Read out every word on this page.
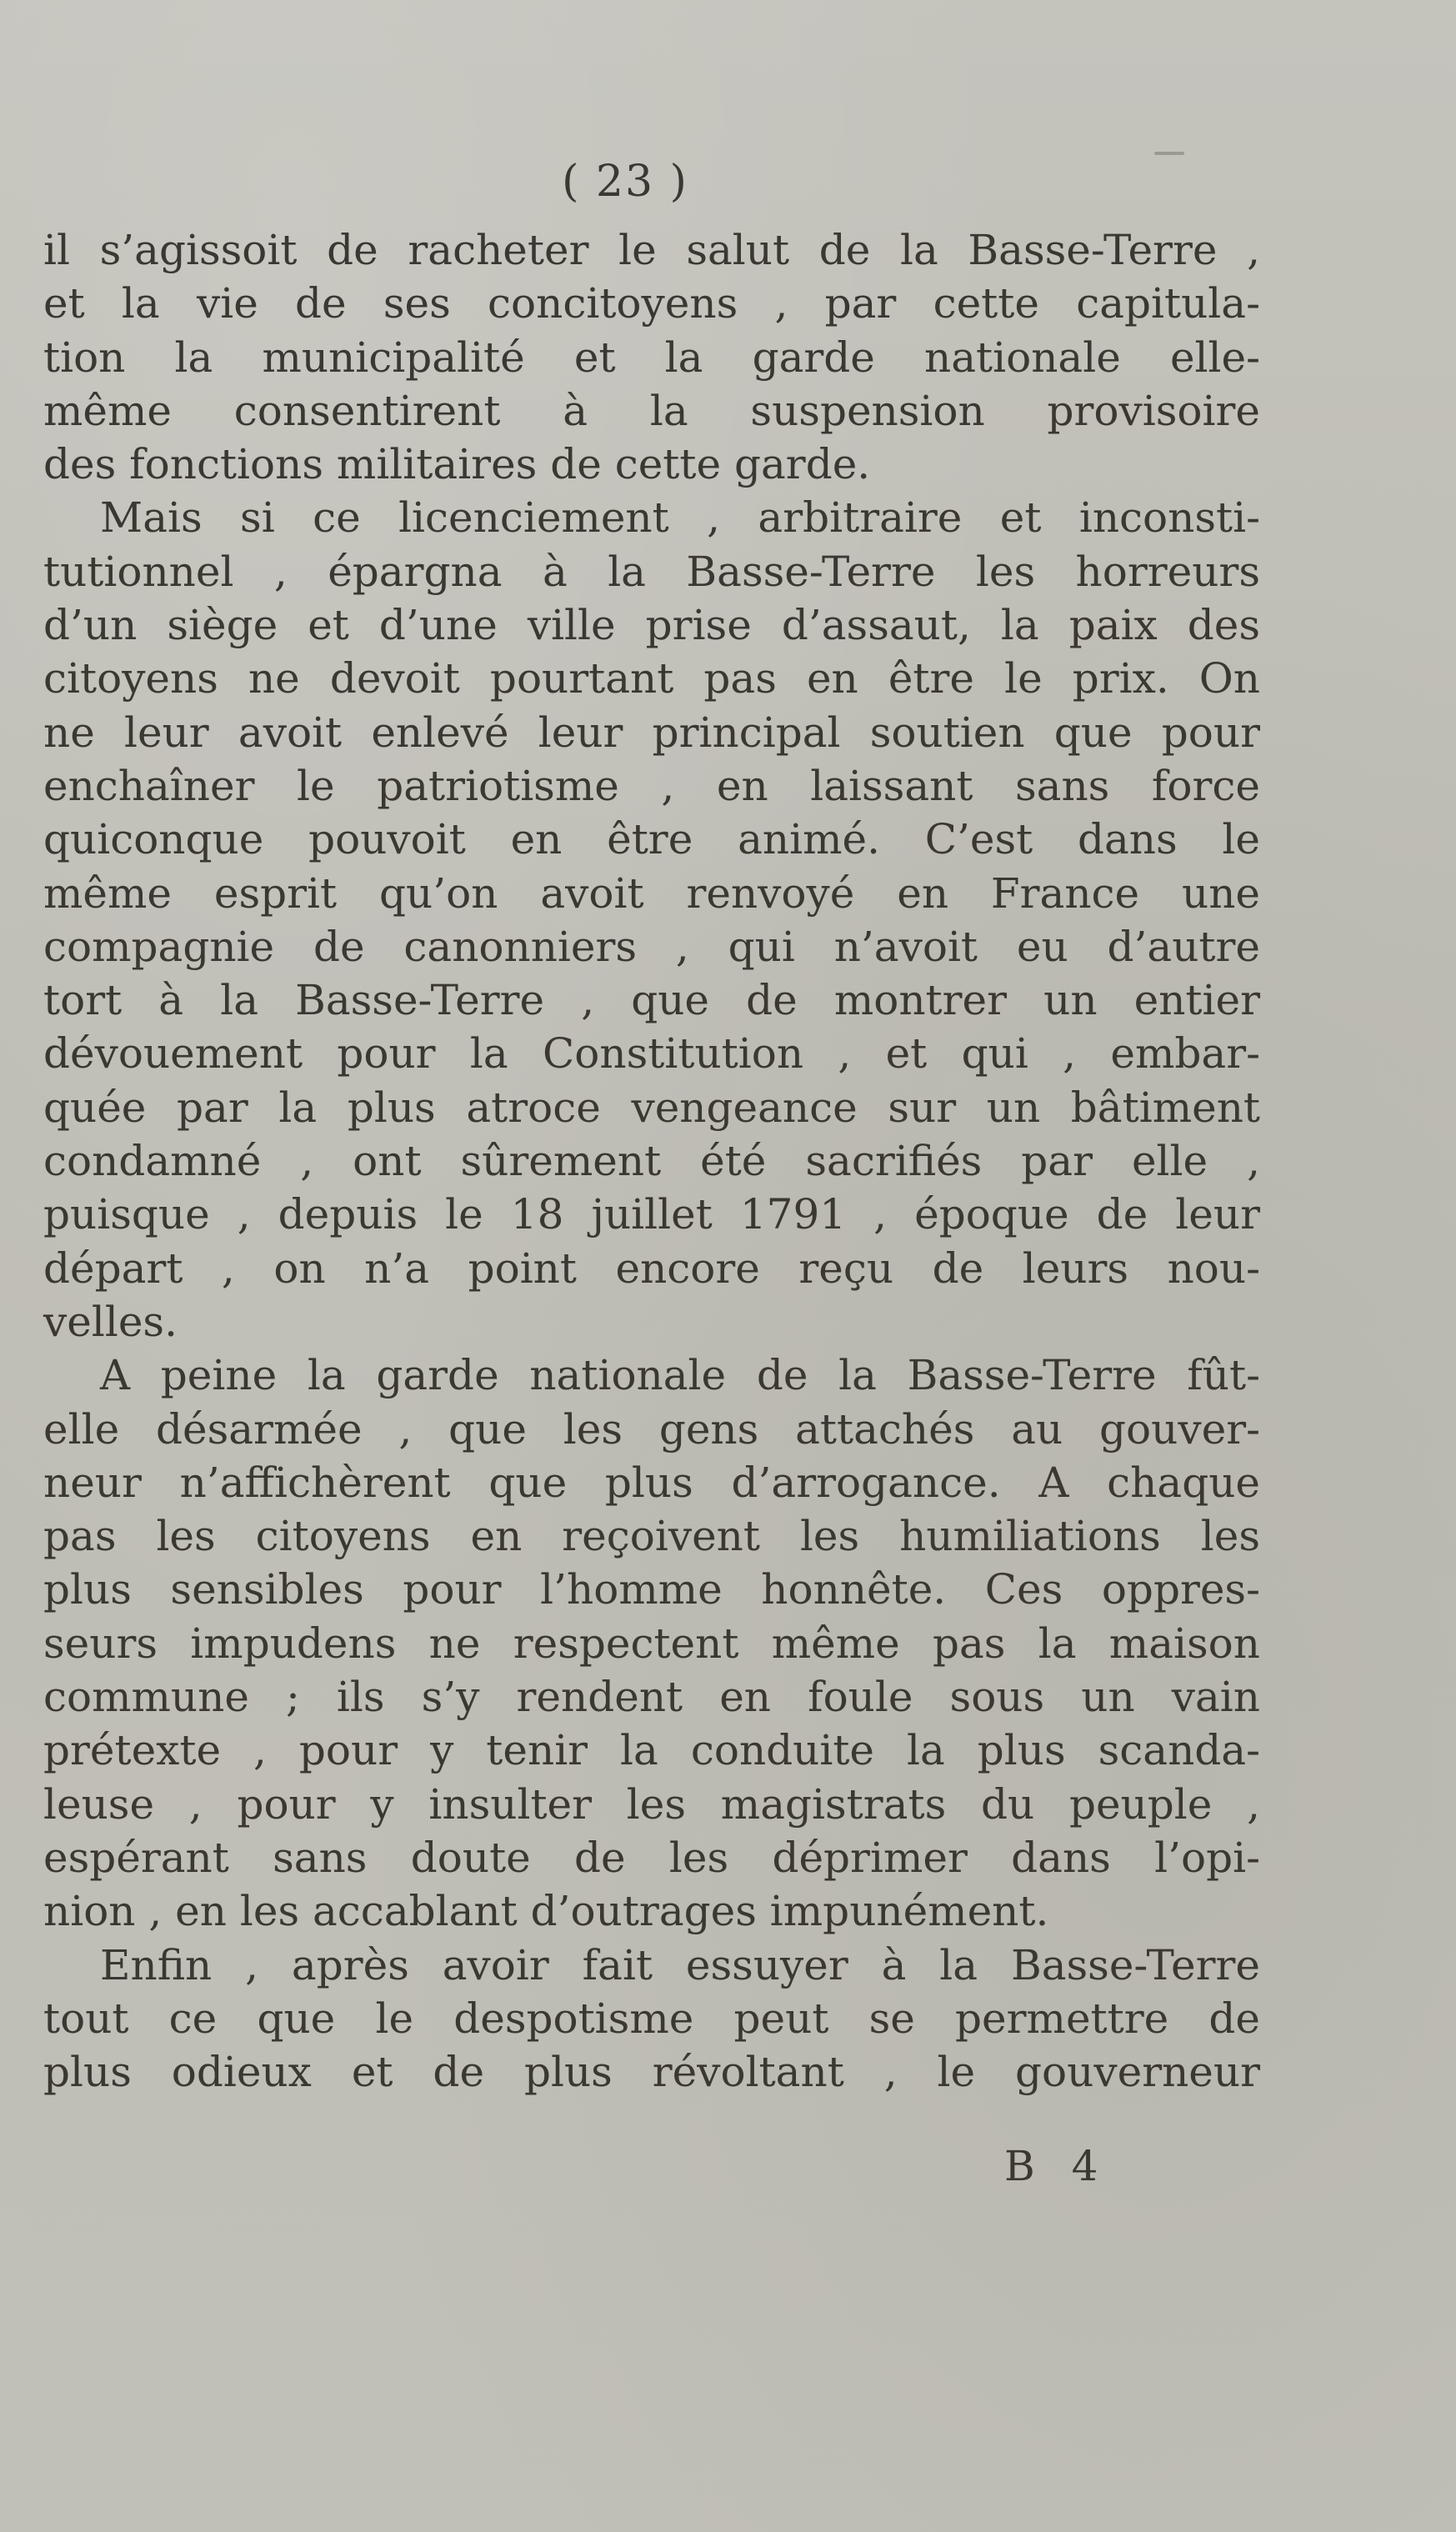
( 23 )
il s’agissoit de racheter le salut de la Basse-Terre ,
et la vie de ses concitoyens , par cette capitula-
tion la municipalité et la garde nationale elle-
même consentirent à la suspension provisoire
des fonctions militaires de cette garde.
Mais si ce licenciement , arbitraire et inconsti-
tutionnel , épargna à la Basse-Terre les horreurs
d’un siège et d’une ville prise d’assaut, la paix des
citoyens ne devoit pourtant pas en être le prix. On
ne leur avoit enlevé leur principal soutien que pour
enchaîner le patriotisme , en laissant sans force
quiconque pouvoit en être animé. C’est dans le
même esprit qu’on avoit renvoyé en France une
compagnie de canonniers , qui n’avoit eu d’autre
tort à la Basse-Terre , que de montrer un entier
dévouement pour la Constitution , et qui , embar-
quée par la plus atroce vengeance sur un bâtiment
condamné , ont sûrement été sacrifiés par elle ,
puisque , depuis le 18 juillet 1791 , époque de leur
départ , on n’a point encore reçu de leurs nou-
velles.
A peine la garde nationale de la Basse-Terre fût-
elle désarmée , que les gens attachés au gouver-
neur n’affichèrent que plus d’arrogance. A chaque
pas les citoyens en reçoivent les humiliations les
plus sensibles pour l’homme honnête. Ces oppres-
seurs impudens ne respectent même pas la maison
commune ; ils s’y rendent en foule sous un vain
prétexte , pour y tenir la conduite la plus scanda-
leuse , pour y insulter les magistrats du peuple ,
espérant sans doute de les déprimer dans l’opi-
nion , en les accablant d’outrages impunément.
Enfin , après avoir fait essuyer à la Basse-Terre
tout ce que le despotisme peut se permettre de
plus odieux et de plus révoltant , le gouverneur
B 4
